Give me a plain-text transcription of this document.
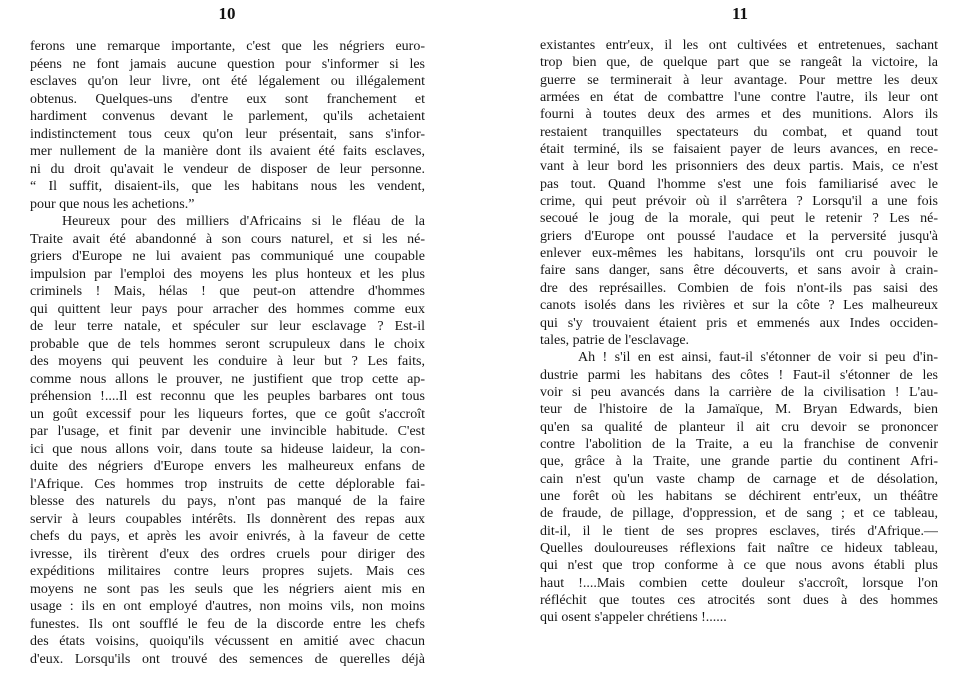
10
ferons une remarque importante, c'est que les négriers euro-
péens ne font jamais aucune question pour s'informer si les
esclaves qu'on leur livre, ont été légalement ou illégalement
obtenus. Quelques-uns d'entre eux sont franchement et
hardiment convenus devant le parlement, qu'ils achetaient
indistinctement tous ceux qu'on leur présentait, sans s'infor-
mer nullement de la manière dont ils avaient été faits esclaves,
ni du droit qu'avait le vendeur de disposer de leur personne.
“ Il suffit, disaient-ils, que les habitans nous les vendent,
pour que nous les achetions.”
Heureux pour des milliers d'Africains si le fléau de la
Traite avait été abandonné à son cours naturel, et si les né-
griers d'Europe ne lui avaient pas communiqué une coupable
impulsion par l'emploi des moyens les plus honteux et les plus
criminels ! Mais, hélas ! que peut-on attendre d'hommes
qui quittent leur pays pour arracher des hommes comme eux
de leur terre natale, et spéculer sur leur esclavage ? Est-il
probable que de tels hommes seront scrupuleux dans le choix
des moyens qui peuvent les conduire à leur but ? Les faits,
comme nous allons le prouver, ne justifient que trop cette ap-
préhension !....Il est reconnu que les peuples barbares ont tous
un goût excessif pour les liqueurs fortes, que ce goût s'accroît
par l'usage, et finit par devenir une invincible habitude. C'est
ici que nous allons voir, dans toute sa hideuse laideur, la con-
duite des négriers d'Europe envers les malheureux enfans de
l'Afrique. Ces hommes trop instruits de cette déplorable fai-
blesse des naturels du pays, n'ont pas manqué de la faire
servir à leurs coupables intérêts. Ils donnèrent des repas aux
chefs du pays, et après les avoir enivrés, à la faveur de cette
ivresse, ils tirèrent d'eux des ordres cruels pour diriger des
expéditions militaires contre leurs propres sujets. Mais ces
moyens ne sont pas les seuls que les négriers aient mis en
usage : ils en ont employé d'autres, non moins vils, non moins
funestes. Ils ont soufflé le feu de la discorde entre les chefs
des états voisins, quoiqu'ils vécussent en amitié avec chacun
d'eux. Lorsqu'ils ont trouvé des semences de querelles déjà
11
existantes entr'eux, il les ont cultivées et entretenues, sachant
trop bien que, de quelque part que se rangeât la victoire, la
guerre se terminerait à leur avantage. Pour mettre les deux
armées en état de combattre l'une contre l'autre, ils leur ont
fourni à toutes deux des armes et des munitions. Alors ils
restaient tranquilles spectateurs du combat, et quand tout
était terminé, ils se faisaient payer de leurs avances, en rece-
vant à leur bord les prisonniers des deux partis. Mais, ce n'est
pas tout. Quand l'homme s'est une fois familiarisé avec le
crime, qui peut prévoir où il s'arrêtera ? Lorsqu'il a une fois
secoué le joug de la morale, qui peut le retenir ? Les né-
griers d'Europe ont poussé l'audace et la perversité jusqu'à
enlever eux-mêmes les habitans, lorsqu'ils ont cru pouvoir le
faire sans danger, sans être découverts, et sans avoir à crain-
dre des représailles. Combien de fois n'ont-ils pas saisi des
canots isolés dans les rivières et sur la côte ? Les malheureux
qui s'y trouvaient étaient pris et emmenés aux Indes occiden-
tales, patrie de l'esclavage.
Ah ! s'il en est ainsi, faut-il s'étonner de voir si peu d'in-
dustrie parmi les habitans des côtes ! Faut-il s'étonner de les
voir si peu avancés dans la carrière de la civilisation ! L'au-
teur de l'histoire de la Jamaïque, M. Bryan Edwards, bien
qu'en sa qualité de planteur il ait cru devoir se prononcer
contre l'abolition de la Traite, a eu la franchise de convenir
que, grâce à la Traite, une grande partie du continent Afri-
cain n'est qu'un vaste champ de carnage et de désolation,
une forêt où les habitans se déchirent entr'eux, un théâtre
de fraude, de pillage, d'oppression, et de sang ; et ce tableau,
dit-il, il le tient de ses propres esclaves, tirés d'Afrique.—
Quelles douloureuses réflexions fait naître ce hideux tableau,
qui n'est que trop conforme à ce que nous avons établi plus
haut !....Mais combien cette douleur s'accroît, lorsque l'on
réfléchit que toutes ces atrocités sont dues à des hommes
qui osent s'appeler chrétiens !......
